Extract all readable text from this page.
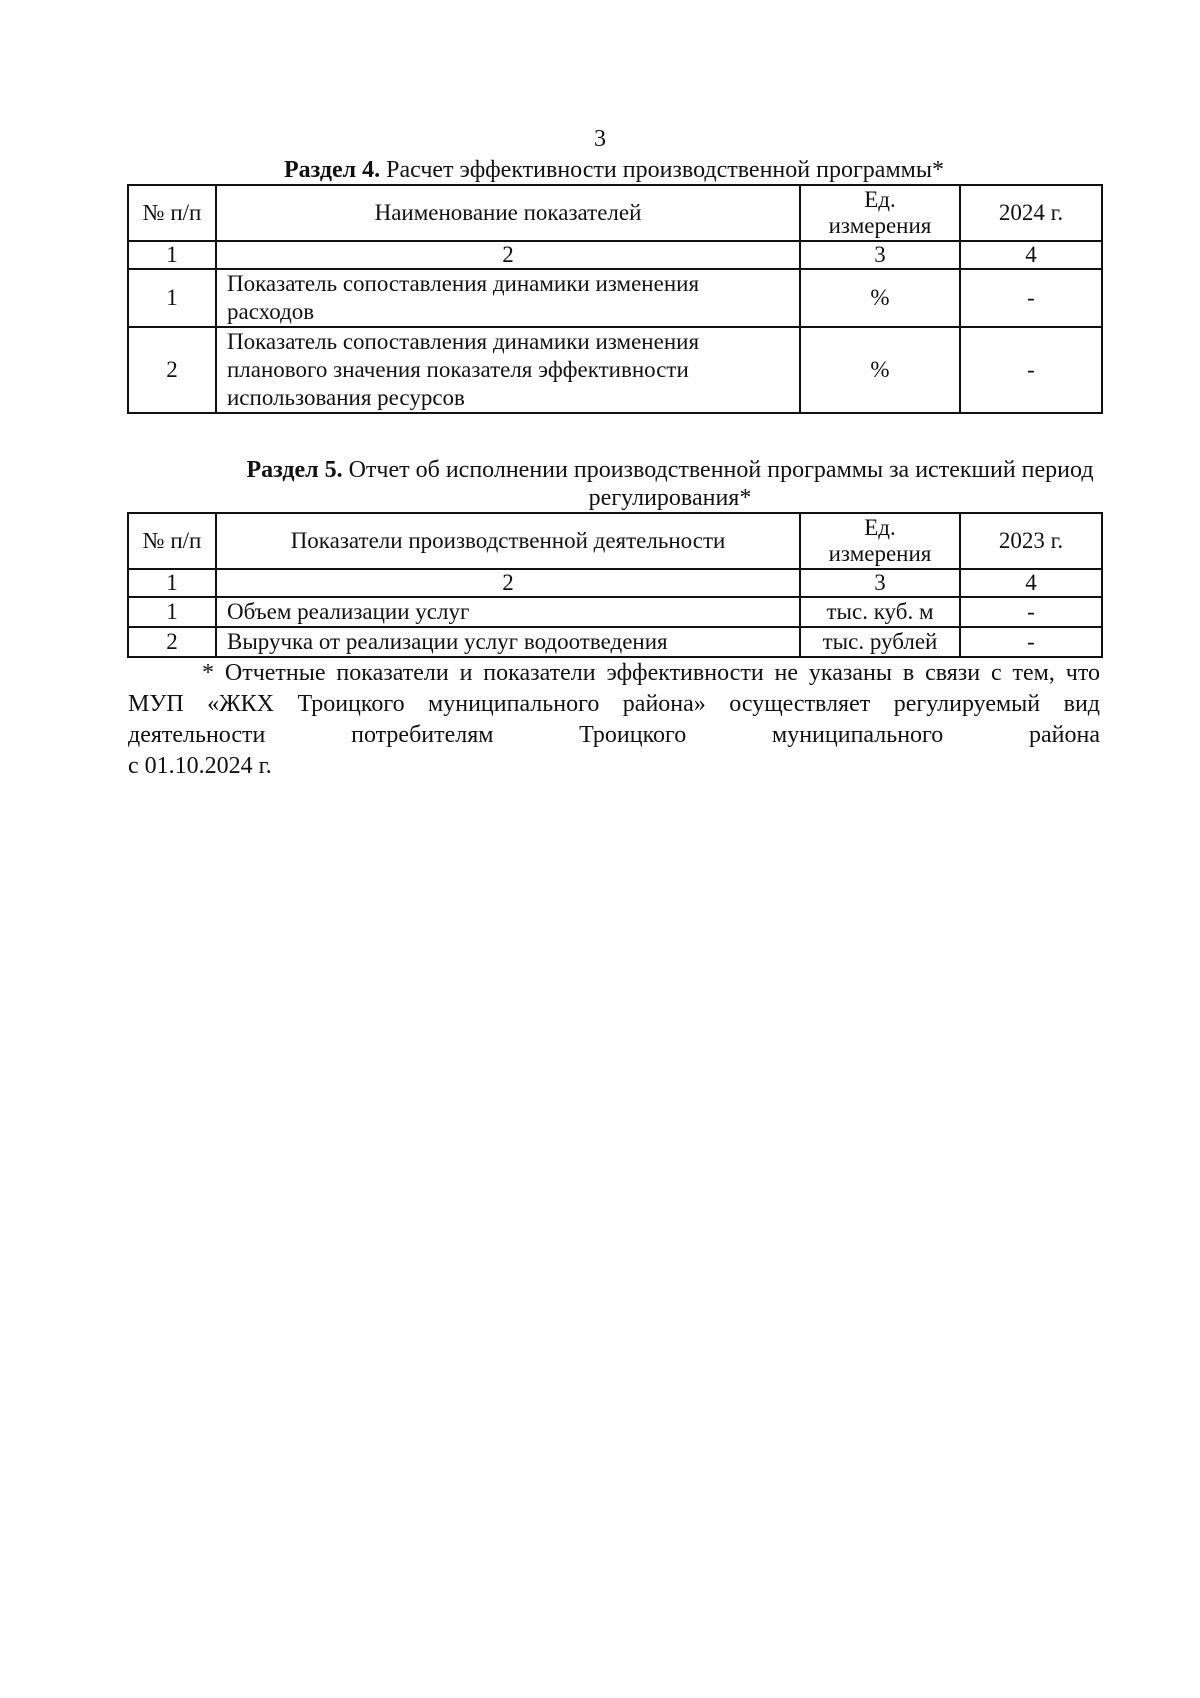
3
Раздел 4. Расчет эффективности производственной программы*
№ п/п	Наименование показателей	Ед. измерения	2024 г.
1	2	3	4
1	Показатель сопоставления динамики изменения расходов	%	-
2	Показатель сопоставления динамики изменения планового значения показателя эффективности использования ресурсов	%	-
Раздел 5. Отчет об исполнении производственной программы за истекший период регулирования*
№ п/п	Показатели производственной деятельности	Ед. измерения	2023 г.
1	2	3	4
1	Объем реализации услуг	тыс. куб. м	-
2	Выручка от реализации услуг водоотведения	тыс. рублей	-
* Отчетные показатели и показатели эффективности не указаны в связи с тем, что МУП «ЖКХ Троицкого муниципального района» осуществляет регулируемый вид деятельности потребителям Троицкого муниципального района
с 01.10.2024 г.
